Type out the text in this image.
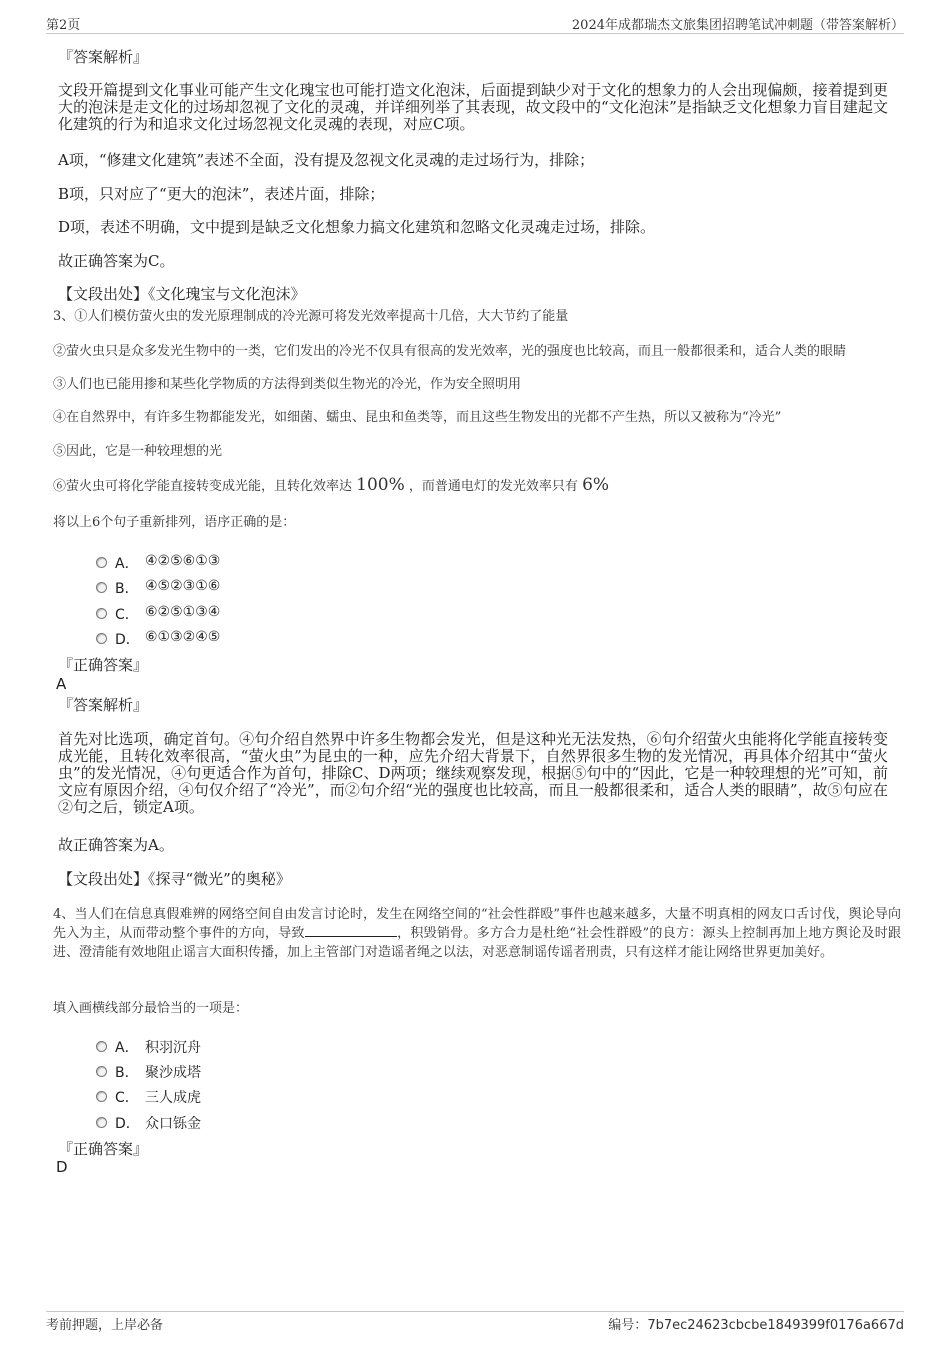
第2页	2024年成都瑞杰文旅集团招聘笔试冲刺题（带答案解析）
『答案解析』
文段开篇提到文化事业可能产生文化瑰宝也可能打造文化泡沫，后面提到缺少对于文化的想象力的人会出现偏颇，接着提到更大的泡沫是走文化的过场却忽视了文化的灵魂，并详细列举了其表现，故文段中的“文化泡沫”是指缺乏文化想象力盲目建起文化建筑的行为和追求文化过场忽视文化灵魂的表现，对应C项。
A项，“修建文化建筑”表述不全面，没有提及忽视文化灵魂的走过场行为，排除；
B项，只对应了“更大的泡沫”，表述片面，排除；
D项，表述不明确，文中提到是缺乏文化想象力搞文化建筑和忽略文化灵魂走过场，排除。
故正确答案为C。
【文段出处】《文化瑰宝与文化泡沫》
3、①人们模仿萤火虫的发光原理制成的冷光源可将发光效率提高十几倍，大大节约了能量
②萤火虫只是众多发光生物中的一类，它们发出的冷光不仅具有很高的发光效率，光的强度也比较高，而且一般都很柔和，适合人类的眼睛
③人们也已能用掺和某些化学物质的方法得到类似生物光的冷光，作为安全照明用
④在自然界中，有许多生物都能发光，如细菌、蠕虫、昆虫和鱼类等，而且这些生物发出的光都不产生热，所以又被称为“冷光”
⑤因此，它是一种较理想的光
⑥萤火虫可将化学能直接转变成光能，且转化效率达 100% ，而普通电灯的发光效率只有 6%
将以上6个句子重新排列，语序正确的是：
A． ④②⑤⑥①③
B． ④⑤②③①⑥
C． ⑥②⑤①③④
D． ⑥①③②④⑤
『正确答案』
A
『答案解析』
首先对比选项，确定首句。④句介绍自然界中许多生物都会发光，但是这种光无法发热，⑥句介绍萤火虫能将化学能直接转变成光能，且转化效率很高，“萤火虫”为昆虫的一种，应先介绍大背景下，自然界很多生物的发光情况，再具体介绍其中“萤火虫”的发光情况，④句更适合作为首句，排除C、D两项；继续观察发现，根据⑤句中的“因此，它是一种较理想的光”可知，前文应有原因介绍，④句仅介绍了“冷光”，而②句介绍“光的强度也比较高，而且一般都很柔和，适合人类的眼睛”，故⑤句应在②句之后，锁定A项。
故正确答案为A。
【文段出处】《探寻“微光”的奥秘》
4、当人们在信息真假难辨的网络空间自由发言讨论时，发生在网络空间的“社会性群殴”事件也越来越多，大量不明真相的网友口舌讨伐，舆论导向先入为主，从而带动整个事件的方向，导致	，积毁销骨。多方合力是杜绝“社会性群殴”的良方：源头上控制再加上地方舆论及时跟进、澄清能有效地阻止谣言大面积传播，加上主管部门对造谣者绳之以法，对恶意制谣传谣者刑责，只有这样才能让网络世界更加美好。
填入画横线部分最恰当的一项是：
A． 积羽沉舟
B． 聚沙成塔
C． 三人成虎
D． 众口铄金
『正确答案』
D
考前押题，上岸必备	编号：7b7ec24623cbcbe1849399f0176a667d
